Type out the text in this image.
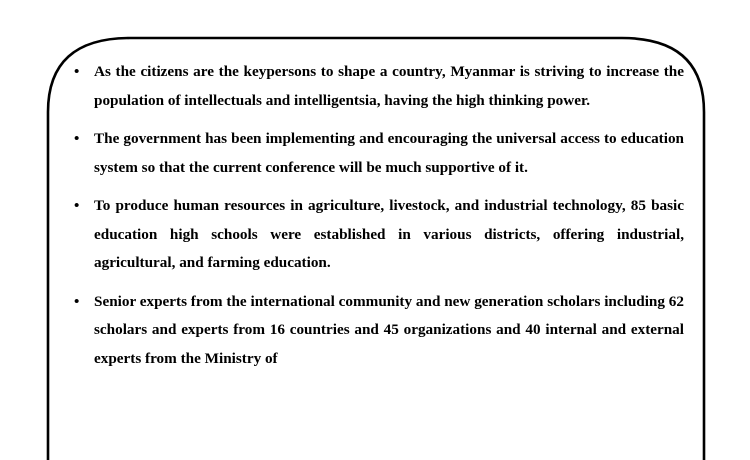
• As the citizens are the keypersons to shape a country, Myanmar is striving to increase the population of intellectuals and intelligentsia, having the high thinking power.
• The government has been implementing and encouraging the universal access to education system so that the current conference will be much supportive of it.
• To produce human resources in agriculture, livestock, and industrial technology, 85 basic education high schools were established in various districts, offering industrial, agricultural, and farming education.
• Senior experts from the international community and new generation scholars including 62 scholars and experts from 16 countries and 45 organizations and 40 internal and external experts from the Ministry of
